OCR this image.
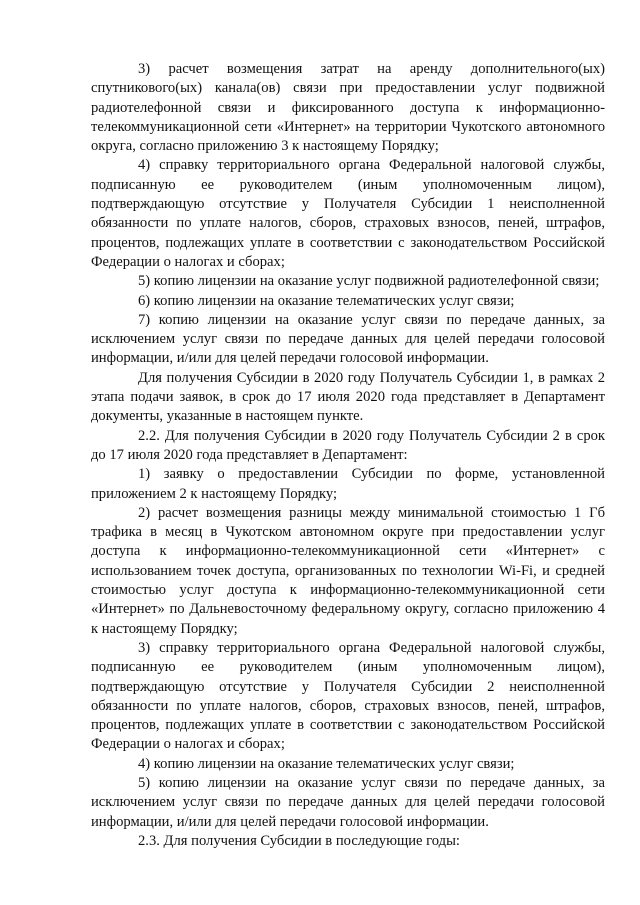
3) расчет возмещения затрат на аренду дополнительного(ых) спутникового(ых) канала(ов) связи при предоставлении услуг подвижной радиотелефонной связи и фиксированного доступа к информационно-телекоммуникационной сети «Интернет» на территории Чукотского автономного округа, согласно приложению 3 к настоящему Порядку;

4) справку территориального органа Федеральной налоговой службы, подписанную ее руководителем (иным уполномоченным лицом), подтверждающую отсутствие у Получателя Субсидии 1 неисполненной обязанности по уплате налогов, сборов, страховых взносов, пеней, штрафов, процентов, подлежащих уплате в соответствии с законодательством Российской Федерации о налогах и сборах;

5) копию лицензии на оказание услуг подвижной радиотелефонной связи;

6) копию лицензии на оказание телематических услуг связи;

7) копию лицензии на оказание услуг связи по передаче данных, за исключением услуг связи по передаче данных для целей передачи голосовой информации, и/или для целей передачи голосовой информации.

Для получения Субсидии в 2020 году Получатель Субсидии 1, в рамках 2 этапа подачи заявок, в срок до 17 июля 2020 года представляет в Департамент документы, указанные в настоящем пункте.

2.2. Для получения Субсидии в 2020 году Получатель Субсидии 2 в срок до 17 июля 2020 года представляет в Департамент:

1) заявку о предоставлении Субсидии по форме, установленной приложением 2 к настоящему Порядку;

2) расчет возмещения разницы между минимальной стоимостью 1 Гб трафика в месяц в Чукотском автономном округе при предоставлении услуг доступа к информационно-телекоммуникационной сети «Интернет» с использованием точек доступа, организованных по технологии Wi-Fi, и средней стоимостью услуг доступа к информационно-телекоммуникационной сети «Интернет» по Дальневосточному федеральному округу, согласно приложению 4 к настоящему Порядку;

3) справку территориального органа Федеральной налоговой службы, подписанную ее руководителем (иным уполномоченным лицом), подтверждающую отсутствие у Получателя Субсидии 2 неисполненной обязанности по уплате налогов, сборов, страховых взносов, пеней, штрафов, процентов, подлежащих уплате в соответствии с законодательством Российской Федерации о налогах и сборах;

4) копию лицензии на оказание телематических услуг связи;

5) копию лицензии на оказание услуг связи по передаче данных, за исключением услуг связи по передаче данных для целей передачи голосовой информации, и/или для целей передачи голосовой информации.

2.3. Для получения Субсидии в последующие годы:
